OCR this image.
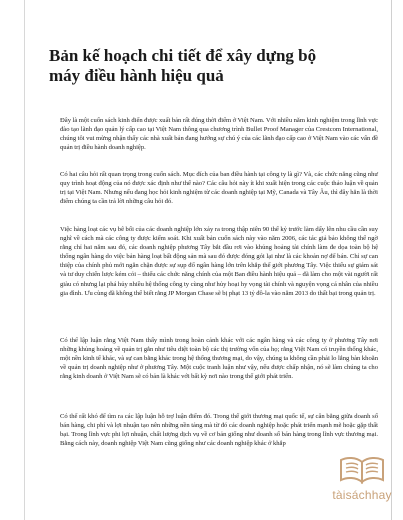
Bản kế hoạch chi tiết để xây dựng bộ máy điều hành hiệu quả

Đây là một cuốn sách kinh điển được xuất bản rất đúng thời điểm ở Việt Nam. Với nhiều năm kinh nghiệm trong lĩnh vực đào tạo lãnh đạo quản lý cấp cao tại Việt Nam thông qua chương trình Bullet Proof Manager của Crestcom International, chúng tôi vui mừng nhận thấy các nhà xuất bản đang hướng sự chú ý của các lãnh đạo cấp cao ở Việt Nam vào các vấn đề quản trị điều hành doanh nghiệp.

Có hai câu hỏi rất quan trọng trong cuốn sách. Mục đích của ban điều hành tại công ty là gì? Và, các chức năng cũng như quy trình hoạt động của nó được xác định như thế nào? Các câu hỏi này ít khi xuất hiện trong các cuộc thảo luận về quản trị tại Việt Nam. Nhưng nếu đang học hỏi kinh nghiệm từ các doanh nghiệp tại Mỹ, Canada và Tây Âu, thì đây hẳn là thời điểm chúng ta cần trả lời những câu hỏi đó.

Việc hàng loạt các vụ bê bối của các doanh nghiệp lớn xảy ra trong thập niên 90 thế kỷ trước làm dấy lên nhu cầu cần suy nghĩ về cách mà các công ty được kiểm soát. Khi xuất bản cuốn sách này vào năm 2006, các tác giả bảo không thể ngờ rằng chỉ hai năm sau đó, các doanh nghiệp phương Tây bắt đầu rơi vào khủng hoảng tài chính làm đe dọa toàn bộ hệ thống ngân hàng do việc bản hàng loạt bất động sản mà sau đó được đóng gói lại như là các khoản nợ để bán. Chỉ sự can thiệp của chính phủ mới ngăn chặn được sự sụp đổ ngân hàng lớn trên khắp thế giới phương Tây. Việc thiếu sự giám sát và tư duy chiến lược kém cỏi – thiếu các chức năng chính của một Ban điều hành hiệu quả – đã làm cho một vài người rất giàu có nhưng lại phá hủy nhiều hệ thống công ty cùng như hủy hoại hy vọng tài chính và nguyện vọng cá nhân của nhiều gia đình. Ưu cùng đã không thể biết rằng JP Morgan Chase sẽ bị phạt 13 tỷ đô-la vào năm 2013 do thất bại trong quản trị.

Có thể lập luận rằng Việt Nam thấy mình trong hoàn cảnh khác với các ngân hàng và các công ty ở phương Tây nơi những khủng hoảng về quản trị gắn như tiêu diệt toàn bộ các thị trường vốn của họ; rằng Việt Nam có truyền thống khác, một nền kinh tế khác, và sự can bằng khác trong hệ thống thương mại, do vậy, chúng ta không cần phải lo lắng bàn khoăn về quản trị doanh nghiệp như ở phương Tây. Một cuộc tranh luận như vậy, nếu được chấp nhận, nó sẽ làm chúng ta cho rằng kinh doanh ở Việt Nam sẽ có bản là khác với bất kỳ nơi nào trong thế giới phát triển.

Có thể rất khó để tìm ra các lập luận hỗ trợ luận điểm đó. Trong thế giới thương mại quốc tế, sự cân bằng giữa doanh số bán hàng, chi phí và lợi nhuận tạo nên những nền tảng mà từ đó các doanh nghiệp hoặc phát triển mạnh mẽ hoặc gặp thất bại. Trong lĩnh vực phi lợi nhuận, chất lượng dịch vụ về cơ bản giống như doanh số bán hàng trong lĩnh vực thương mại. Bằng cách này, doanh nghiệp Việt Nam cũng giống như các doanh nghiệp khác ở khắp

tàisáchhay
